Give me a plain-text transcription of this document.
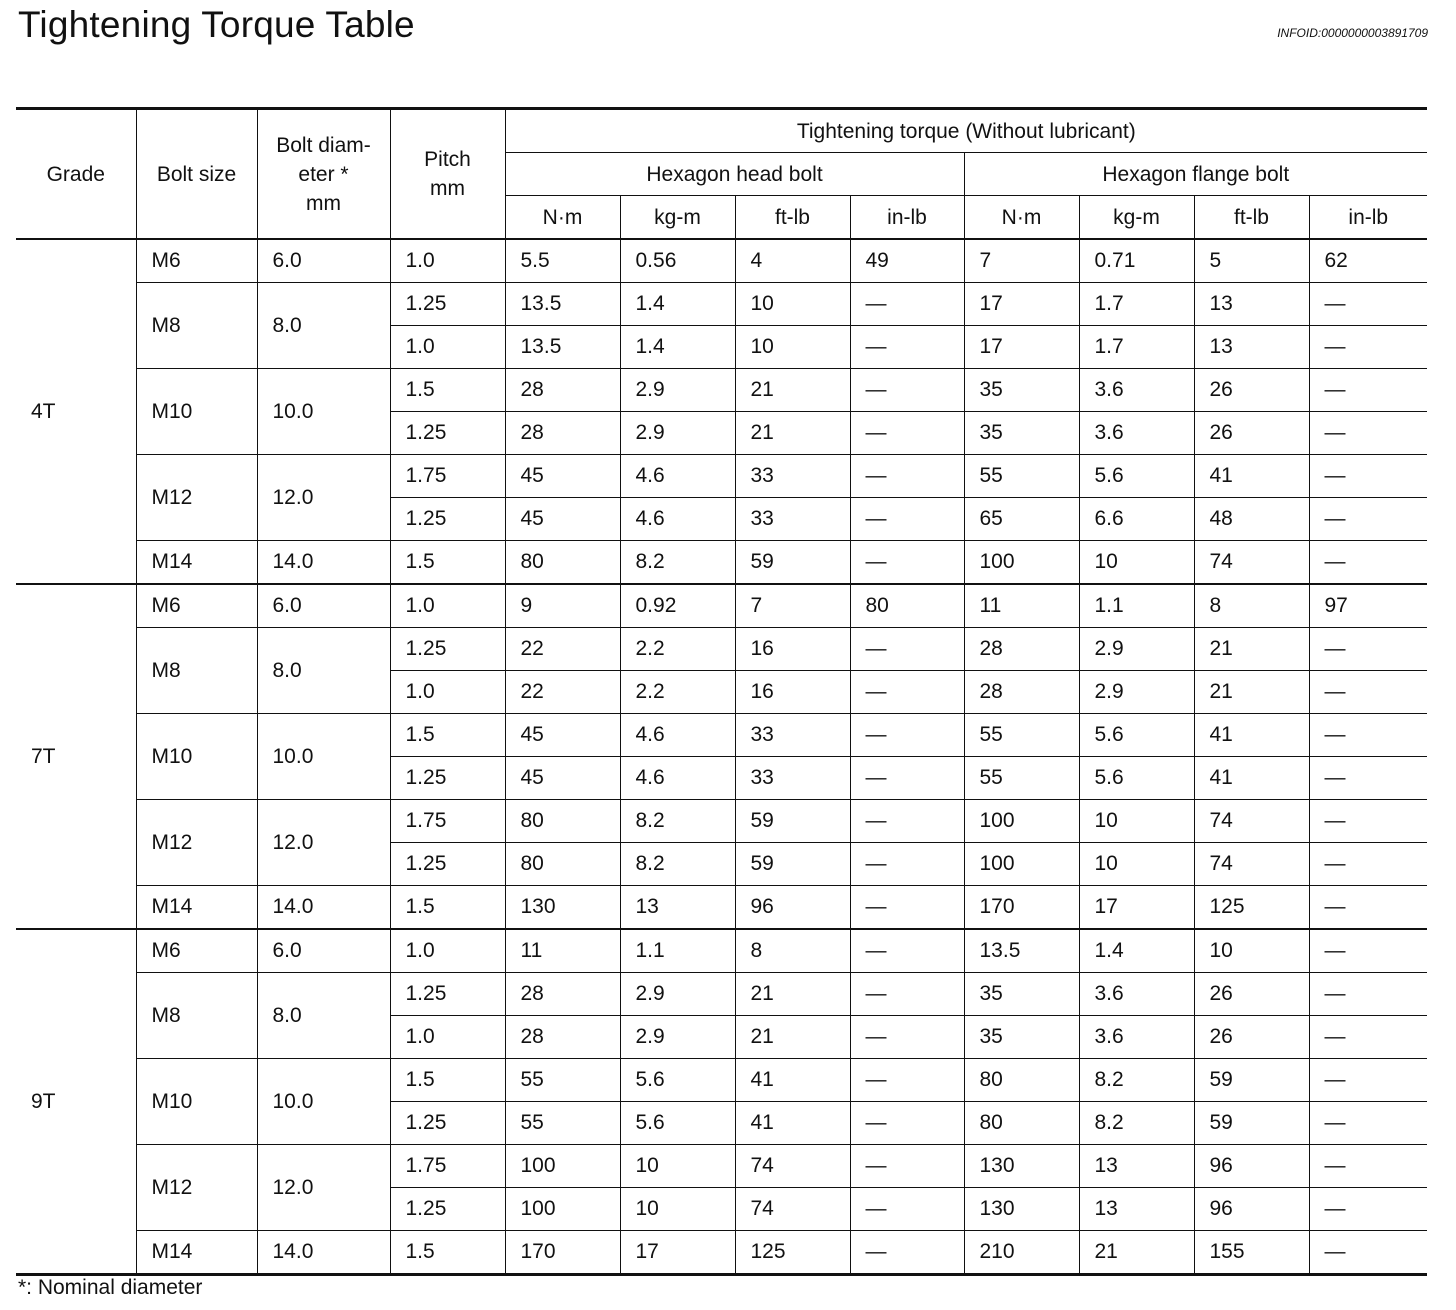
Tightening Torque Table	INFOID:0000000003891709
Grade	Bolt size	Bolt diam-
eter *
mm	Pitch
mm	Tightening torque (Without lubricant)							
				Hexagon head bolt				Hexagon flange bolt			
				N·m	kg-m	ft-lb	in-lb	N·m	kg-m	ft-lb	in-lb
4T	M6	6.0	1.0	5.5	0.56	4	49	7	0.71	5	62
	M8	8.0	1.25	13.5	1.4	10	—	17	1.7	13	—
			1.0	13.5	1.4	10	—	17	1.7	13	—
	M10	10.0	1.5	28	2.9	21	—	35	3.6	26	—
			1.25	28	2.9	21	—	35	3.6	26	—
	M12	12.0	1.75	45	4.6	33	—	55	5.6	41	—
			1.25	45	4.6	33	—	65	6.6	48	—
	M14	14.0	1.5	80	8.2	59	—	100	10	74	—
7T	M6	6.0	1.0	9	0.92	7	80	11	1.1	8	97
	M8	8.0	1.25	22	2.2	16	—	28	2.9	21	—
			1.0	22	2.2	16	—	28	2.9	21	—
	M10	10.0	1.5	45	4.6	33	—	55	5.6	41	—
			1.25	45	4.6	33	—	55	5.6	41	—
	M12	12.0	1.75	80	8.2	59	—	100	10	74	—
			1.25	80	8.2	59	—	100	10	74	—
	M14	14.0	1.5	130	13	96	—	170	17	125	—
9T	M6	6.0	1.0	11	1.1	8	—	13.5	1.4	10	—
	M8	8.0	1.25	28	2.9	21	—	35	3.6	26	—
			1.0	28	2.9	21	—	35	3.6	26	—
	M10	10.0	1.5	55	5.6	41	—	80	8.2	59	—
			1.25	55	5.6	41	—	80	8.2	59	—
	M12	12.0	1.75	100	10	74	—	130	13	96	—
			1.25	100	10	74	—	130	13	96	—
	M14	14.0	1.5	170	17	125	—	210	21	155	—
*: Nominal diameter
